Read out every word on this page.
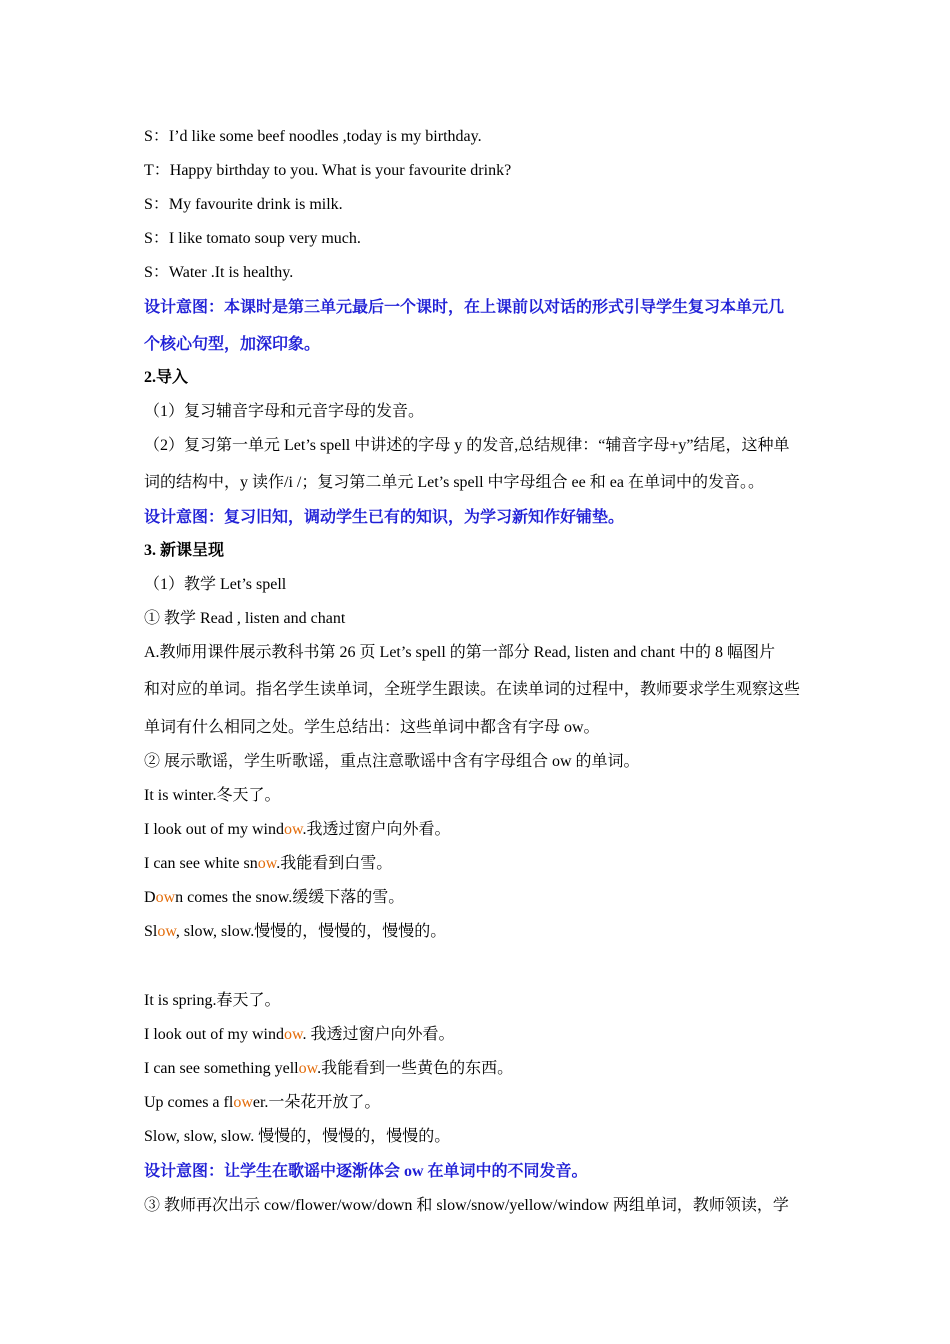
S：I’d like some beef noodles ,today is my birthday.
T：Happy birthday to you. What is your favourite drink?
S：My favourite drink is milk.
S：I like tomato soup very much.
S：Water .It is healthy.
设计意图：本课时是第三单元最后一个课时，在上课前以对话的形式引导学生复习本单元几
个核心句型，加深印象。
2.导入
（1）复习辅音字母和元音字母的发音。
（2）复习第一单元 Let’s spell 中讲述的字母 y 的发音,总结规律：“辅音字母+y”结尾，这种单
词的结构中，y 读作/i /；复习第二单元 Let’s spell 中字母组合 ee 和 ea 在单词中的发音。。
设计意图：复习旧知，调动学生已有的知识，为学习新知作好铺垫。
3. 新课呈现
（1）教学 Let’s spell
① 教学 Read , listen and chant
A.教师用课件展示教科书第 26 页 Let’s spell 的第一部分 Read, listen and chant 中的 8 幅图片
和对应的单词。指名学生读单词，全班学生跟读。在读单词的过程中，教师要求学生观察这些
单词有什么相同之处。学生总结出：这些单词中都含有字母 ow。
② 展示歌谣，学生听歌谣，重点注意歌谣中含有字母组合 ow 的单词。
It is winter.冬天了。
I look out of my window.我透过窗户向外看。
I can see white snow.我能看到白雪。
Down comes the snow.缓缓下落的雪。
Slow, slow, slow.慢慢的，慢慢的，慢慢的。
It is spring.春天了。
I look out of my window. 我透过窗户向外看。
I can see something yellow.我能看到一些黄色的东西。
Up comes a flower.一朵花开放了。
Slow, slow, slow. 慢慢的，慢慢的，慢慢的。
设计意图：让学生在歌谣中逐渐体会 ow 在单词中的不同发音。
③ 教师再次出示 cow/flower/wow/down 和 slow/snow/yellow/window 两组单词，教师领读，学
